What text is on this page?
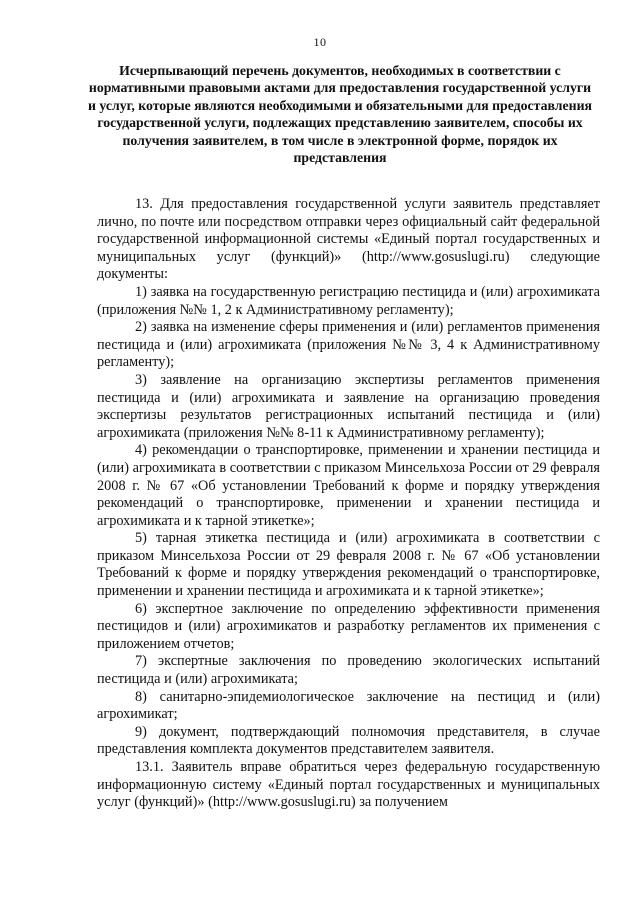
10
Исчерпывающий перечень документов, необходимых в соответствии с нормативными правовыми актами для предоставления государственной услуги и услуг, которые являются необходимыми и обязательными для предоставления государственной услуги, подлежащих представлению заявителем, способы их получения заявителем, в том числе в электронной форме, порядок их представления

13. Для предоставления государственной услуги заявитель представляет лично, по почте или посредством отправки через официальный сайт федеральной государственной информационной системы «Единый портал государственных и муниципальных услуг (функций)» (http://www.gosuslugi.ru) следующие документы:

1) заявка на государственную регистрацию пестицида и (или) агрохимиката (приложения №№ 1, 2 к Административному регламенту);

2) заявка на изменение сферы применения и (или) регламентов применения пестицида и (или) агрохимиката (приложения №№ 3, 4 к Административному регламенту);

3) заявление на организацию экспертизы регламентов применения пестицида и (или) агрохимиката и заявление на организацию проведения экспертизы результатов регистрационных испытаний пестицида и (или) агрохимиката (приложения №№ 8-11 к Административному регламенту);

4) рекомендации о транспортировке, применении и хранении пестицида и (или) агрохимиката в соответствии с приказом Минсельхоза России от 29 февраля 2008 г. № 67 «Об установлении Требований к форме и порядку утверждения рекомендаций о транспортировке, применении и хранении пестицида и агрохимиката и к тарной этикетке»;

5) тарная этикетка пестицида и (или) агрохимиката в соответствии с приказом Минсельхоза России от 29 февраля 2008 г. № 67 «Об установлении Требований к форме и порядку утверждения рекомендаций о транспортировке, применении и хранении пестицида и агрохимиката и к тарной этикетке»;

6) экспертное заключение по определению эффективности применения пестицидов и (или) агрохимикатов и разработку регламентов их применения с приложением отчетов;

7) экспертные заключения по проведению экологических испытаний пестицида и (или) агрохимиката;

8) санитарно-эпидемиологическое заключение на пестицид и (или) агрохимикат;

9) документ, подтверждающий полномочия представителя, в случае представления комплекта документов представителем заявителя.

13.1. Заявитель вправе обратиться через федеральную государственную информационную систему «Единый портал государственных и муниципальных услуг (функций)» (http://www.gosuslugi.ru) за получением
